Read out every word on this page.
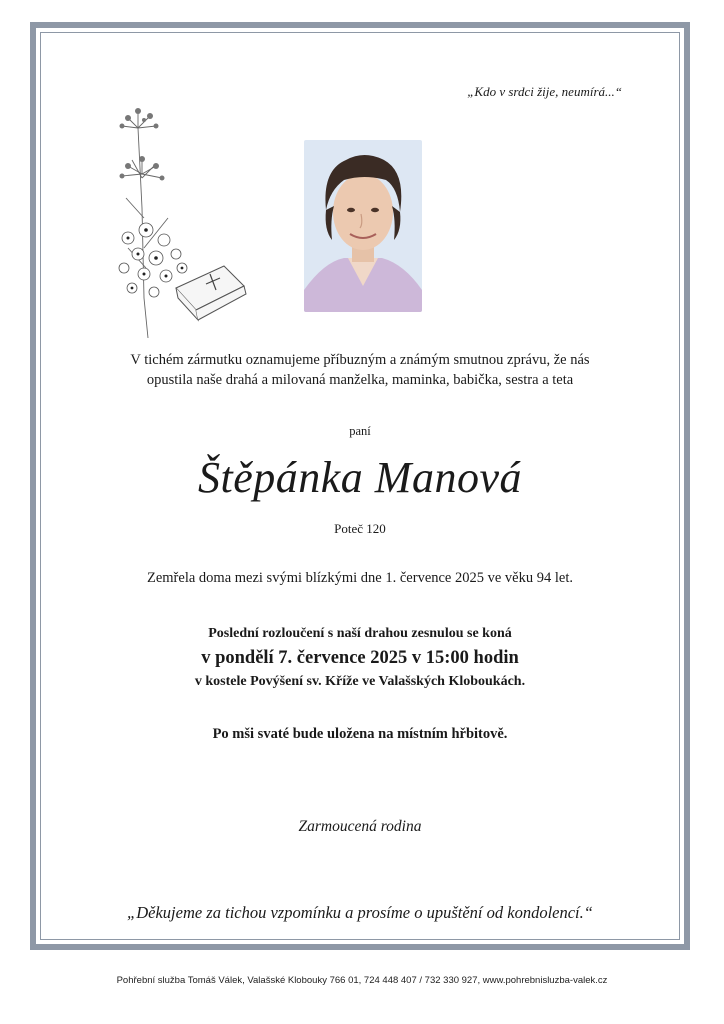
„Kdo v srdci žije, neumírá...“
V tichém zármutku oznamujeme příbuzným a známým smutnou zprávu, že nás
opustila naše drahá a milovaná manželka, maminka, babička, sestra a teta
paní
Štěpánka Manová
Poteč 120
Zemřela doma mezi svými blízkými dne 1. července 2025 ve věku 94 let.
Poslední rozloučení s naší drahou zesnulou se koná
v pondělí 7. července 2025 v 15:00 hodin
v kostele Povýšení sv. Kříže ve Valašských Kloboukách.
Po mši svaté bude uložena na místním hřbitově.
Zarmoucená rodina
„Děkujeme za tichou vzpomínku a prosíme o upuštění od kondolencí.“
Pohřební služba Tomáš Válek, Valašské Klobouky 766 01, 724 448 407 / 732 330 927, www.pohrebnisluzba-valek.cz
